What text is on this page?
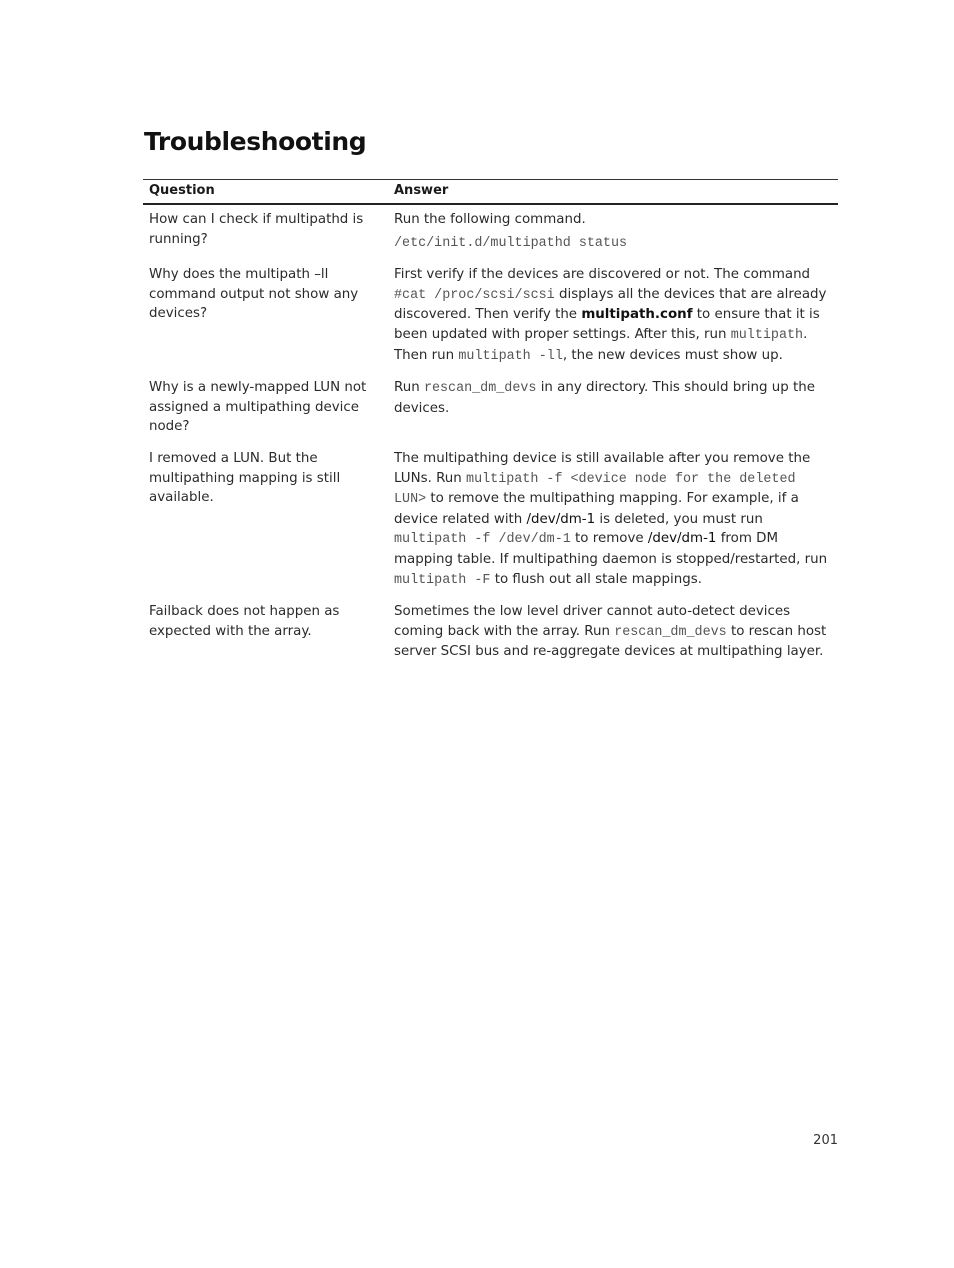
Troubleshooting
Question	Answer
How can I check if multipathd is running?	Run the following command.
/etc/init.d/multipathd status

Why does the multipath –ll command output not show any devices?	First verify if the devices are discovered or not. The command #cat /proc/scsi/scsi displays all the devices that are already discovered. Then verify the multipath.conf to ensure that it is been updated with proper settings. After this, run multipath. Then run multipath -ll, the new devices must show up.
Why is a newly-mapped LUN not assigned a multipathing device node?	Run rescan_dm_devs in any directory. This should bring up the devices.
I removed a LUN. But the multipathing mapping is still available.	The multipathing device is still available after you remove the LUNs. Run multipath -f <device node for the deleted LUN> to remove the multipathing mapping. For example, if a device related with /dev/dm-1 is deleted, you must run multipath -f /dev/dm-1 to remove /dev/dm-1 from DM mapping table. If multipathing daemon is stopped/restarted, run multipath -F to flush out all stale mappings.
Failback does not happen as expected with the array.	Sometimes the low level driver cannot auto-detect devices coming back with the array. Run rescan_dm_devs to rescan host server SCSI bus and re-aggregate devices at multipathing layer.
201
